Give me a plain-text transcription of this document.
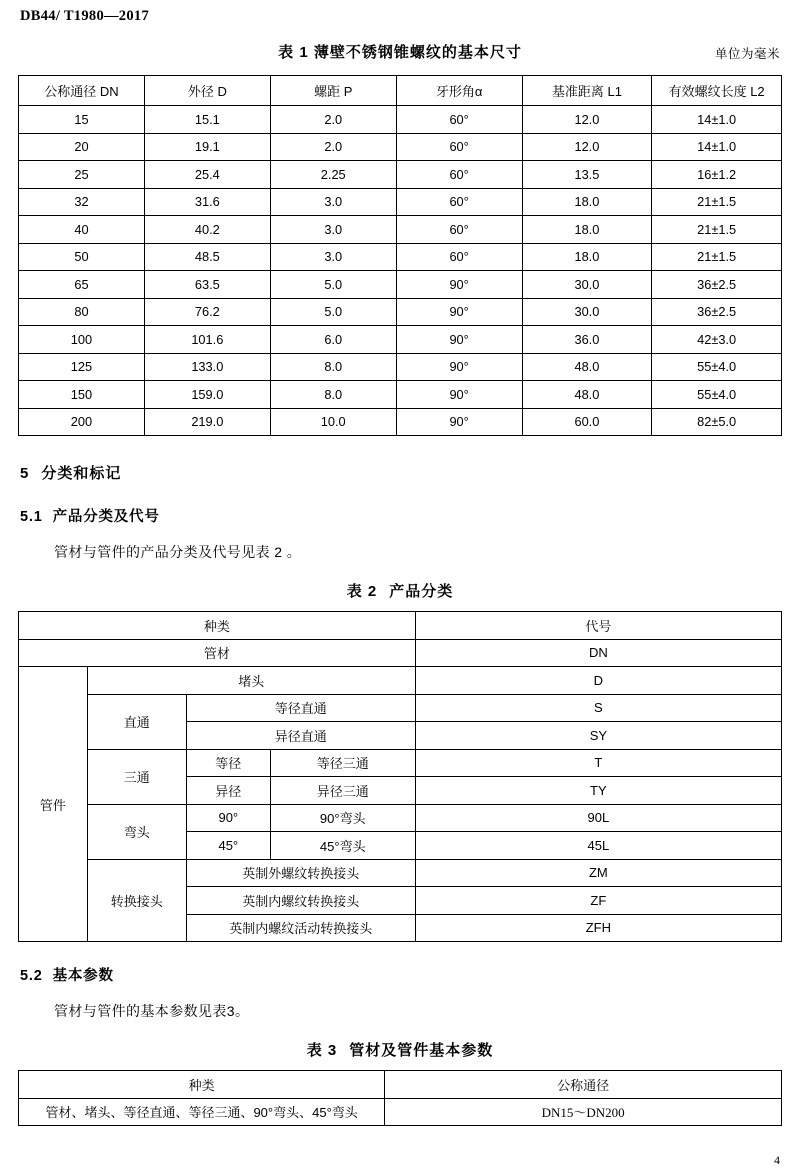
DB44/ T1980—2017
表 1 薄壁不锈钢锥螺纹的基本尺寸	单位为毫米
公称通径 DN	外径 D	螺距 P	牙形角α	基准距离 L1	有效螺纹长度 L2
15	15.1	2.0	60°	12.0	14±1.0
20	19.1	2.0	60°	12.0	14±1.0
25	25.4	2.25	60°	13.5	16±1.2
32	31.6	3.0	60°	18.0	21±1.5
40	40.2	3.0	60°	18.0	21±1.5
50	48.5	3.0	60°	18.0	21±1.5
65	63.5	5.0	90°	30.0	36±2.5
80	76.2	5.0	90°	30.0	36±2.5
100	101.6	6.0	90°	36.0	42±3.0
125	133.0	8.0	90°	48.0	55±4.0
150	159.0	8.0	90°	48.0	55±4.0
200	219.0	10.0	90°	60.0	82±5.0
5 分类和标记
5.1 产品分类及代号
管材与管件的产品分类及代号见表 2 。
表 2 产品分类
种类				代号
管材				DN
管件	堵头			D
	直通	等径直通		S
		异径直通		SY
	三通	等径	等径三通	T
		异径	异径三通	TY
	弯头	90°	90°弯头	90L
		45°	45°弯头	45L
	转换接头	英制外螺纹转换接头		ZM
		英制内螺纹转换接头		ZF
		英制内螺纹活动转换接头		ZFH
5.2 基本参数
管材与管件的基本参数见表3。
表 3 管材及管件基本参数
种类	公称通径
管材、堵头、等径直通、等径三通、90°弯头、45°弯头	DN15～DN200
4
